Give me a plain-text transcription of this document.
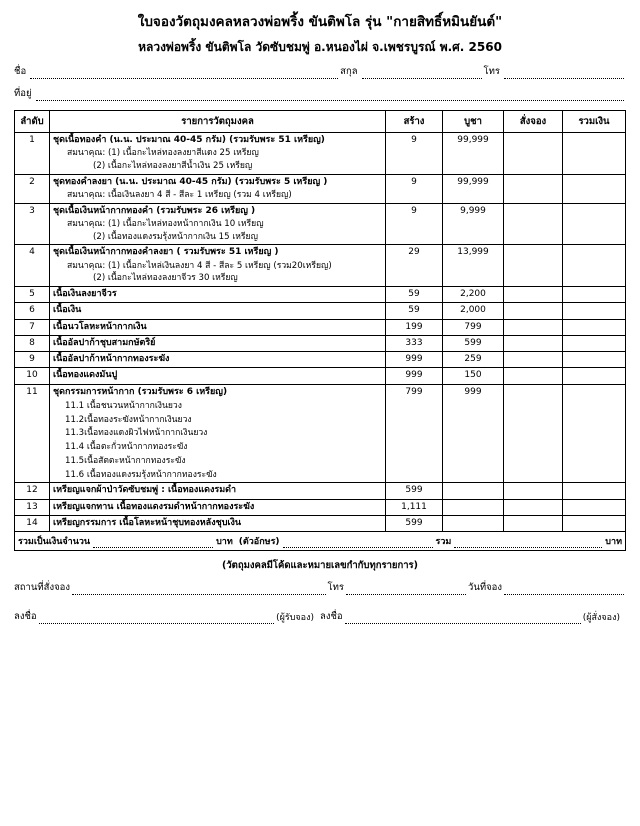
ใบจองวัตถุมงคลหลวงพ่อพริ้ง ขันติพโล รุ่น "กายสิทธิ์หมินยันต์"
หลวงพ่อพริ้ง ขันติพโล วัดซับชมพู่ อ.หนองไผ่ จ.เพชรบูรณ์ พ.ศ. 2560
ชื่อ	สกุล	โทร
ที่อยู่
ลำดับ	รายการวัตถุมงคล	สร้าง	บูชา	สั่งจอง	รวมเงิน
1	ชุดเนื้อทองคำ (น.น. ประมาณ 40-45 กรัม) (รวมรับพระ 51 เหรียญ)
สมนาคุณ: (1) เนื้อกะไหล่ทองลงยาสีแดง 25 เหรียญ
(2) เนื้อกะไหล่ทองลงยาสีน้ำเงิน 25 เหรียญ	9	99,999		
2	ชุดทองคำลงยา (น.น. ประมาณ 40-45 กรัม) (รวมรับพระ 5 เหรียญ )
สมนาคุณ: เนื้อเงินลงยา 4 สี - สีละ 1 เหรียญ (รวม 4 เหรียญ)	9	99,999		
3	ชุดเนื้อเงินหน้ากากทองคำ (รวมรับพระ 26 เหรียญ )
สมนาคุณ: (1) เนื้อกะไหล่ทองหน้ากากเงิน 10 เหรียญ
(2) เนื้อทองแดงรมรุ้งหน้ากากเงิน 15 เหรียญ	9	9,999		
4	ชุดเนื้อเงินหน้ากากทองคำลงยา ( รวมรับพระ 51 เหรียญ )
สมนาคุณ: (1) เนื้อกะไหล่เงินลงยา 4 สี - สีละ 5 เหรียญ (รวม20เหรียญ)
(2) เนื้อกะไหล่ทองลงยาจีวร 30 เหรียญ	29	13,999		
5	เนื้อเงินลงยาจีวร	59	2,200		
6	เนื้อเงิน	59	2,000		
7	เนื้อนวโลหะหน้ากากเงิน	199	799		
8	เนื้ออัลปาก้าชุบสามกษัตริย์	333	599		
9	เนื้ออัลปาก้าหน้ากากทองระฆัง	999	259		
10	เนื้อทองแดงมันปู	999	150		
11	ชุดกรรมการหน้ากาก (รวมรับพระ 6 เหรียญ)
11.1 เนื้อชนวนหน้ากากเงินยวง
11.2เนื้อทองระฆังหน้ากากเงินยวง
11.3เนื้อทองแดงผิวไฟหน้ากากเงินยวง
11.4 เนื้อตะกั่วหน้ากากทองระฆัง
11.5เนื้อสัตตะหน้ากากทองระฆัง
11.6 เนื้อทองแดงรมรุ้งหน้ากากทองระฆัง
	799	999		
12	เหรียญแจกผ้าป่าวัดซับชมพู่ : เนื้อทองแดงรมดำ	599			
13	เหรียญแจกทาน เนื้อทองแดงรมดำหน้ากากทองระฆัง	1,111			
14	เหรียญกรรมการ เนื้อโลหะหน้าชุบทองหลังชุบเงิน	599			

รวมเป็นเงินจำนวน บาท (ตัวอักษร) รวม บาท					
(วัตถุมงคลมีโค้ดและหมายเลขกำกับทุกรายการ)
สถานที่สั่งจอง	โทร	วันที่จอง
ลงชื่อ	(ผู้รับจอง) ลงชื่อ	(ผู้สั่งจอง)
